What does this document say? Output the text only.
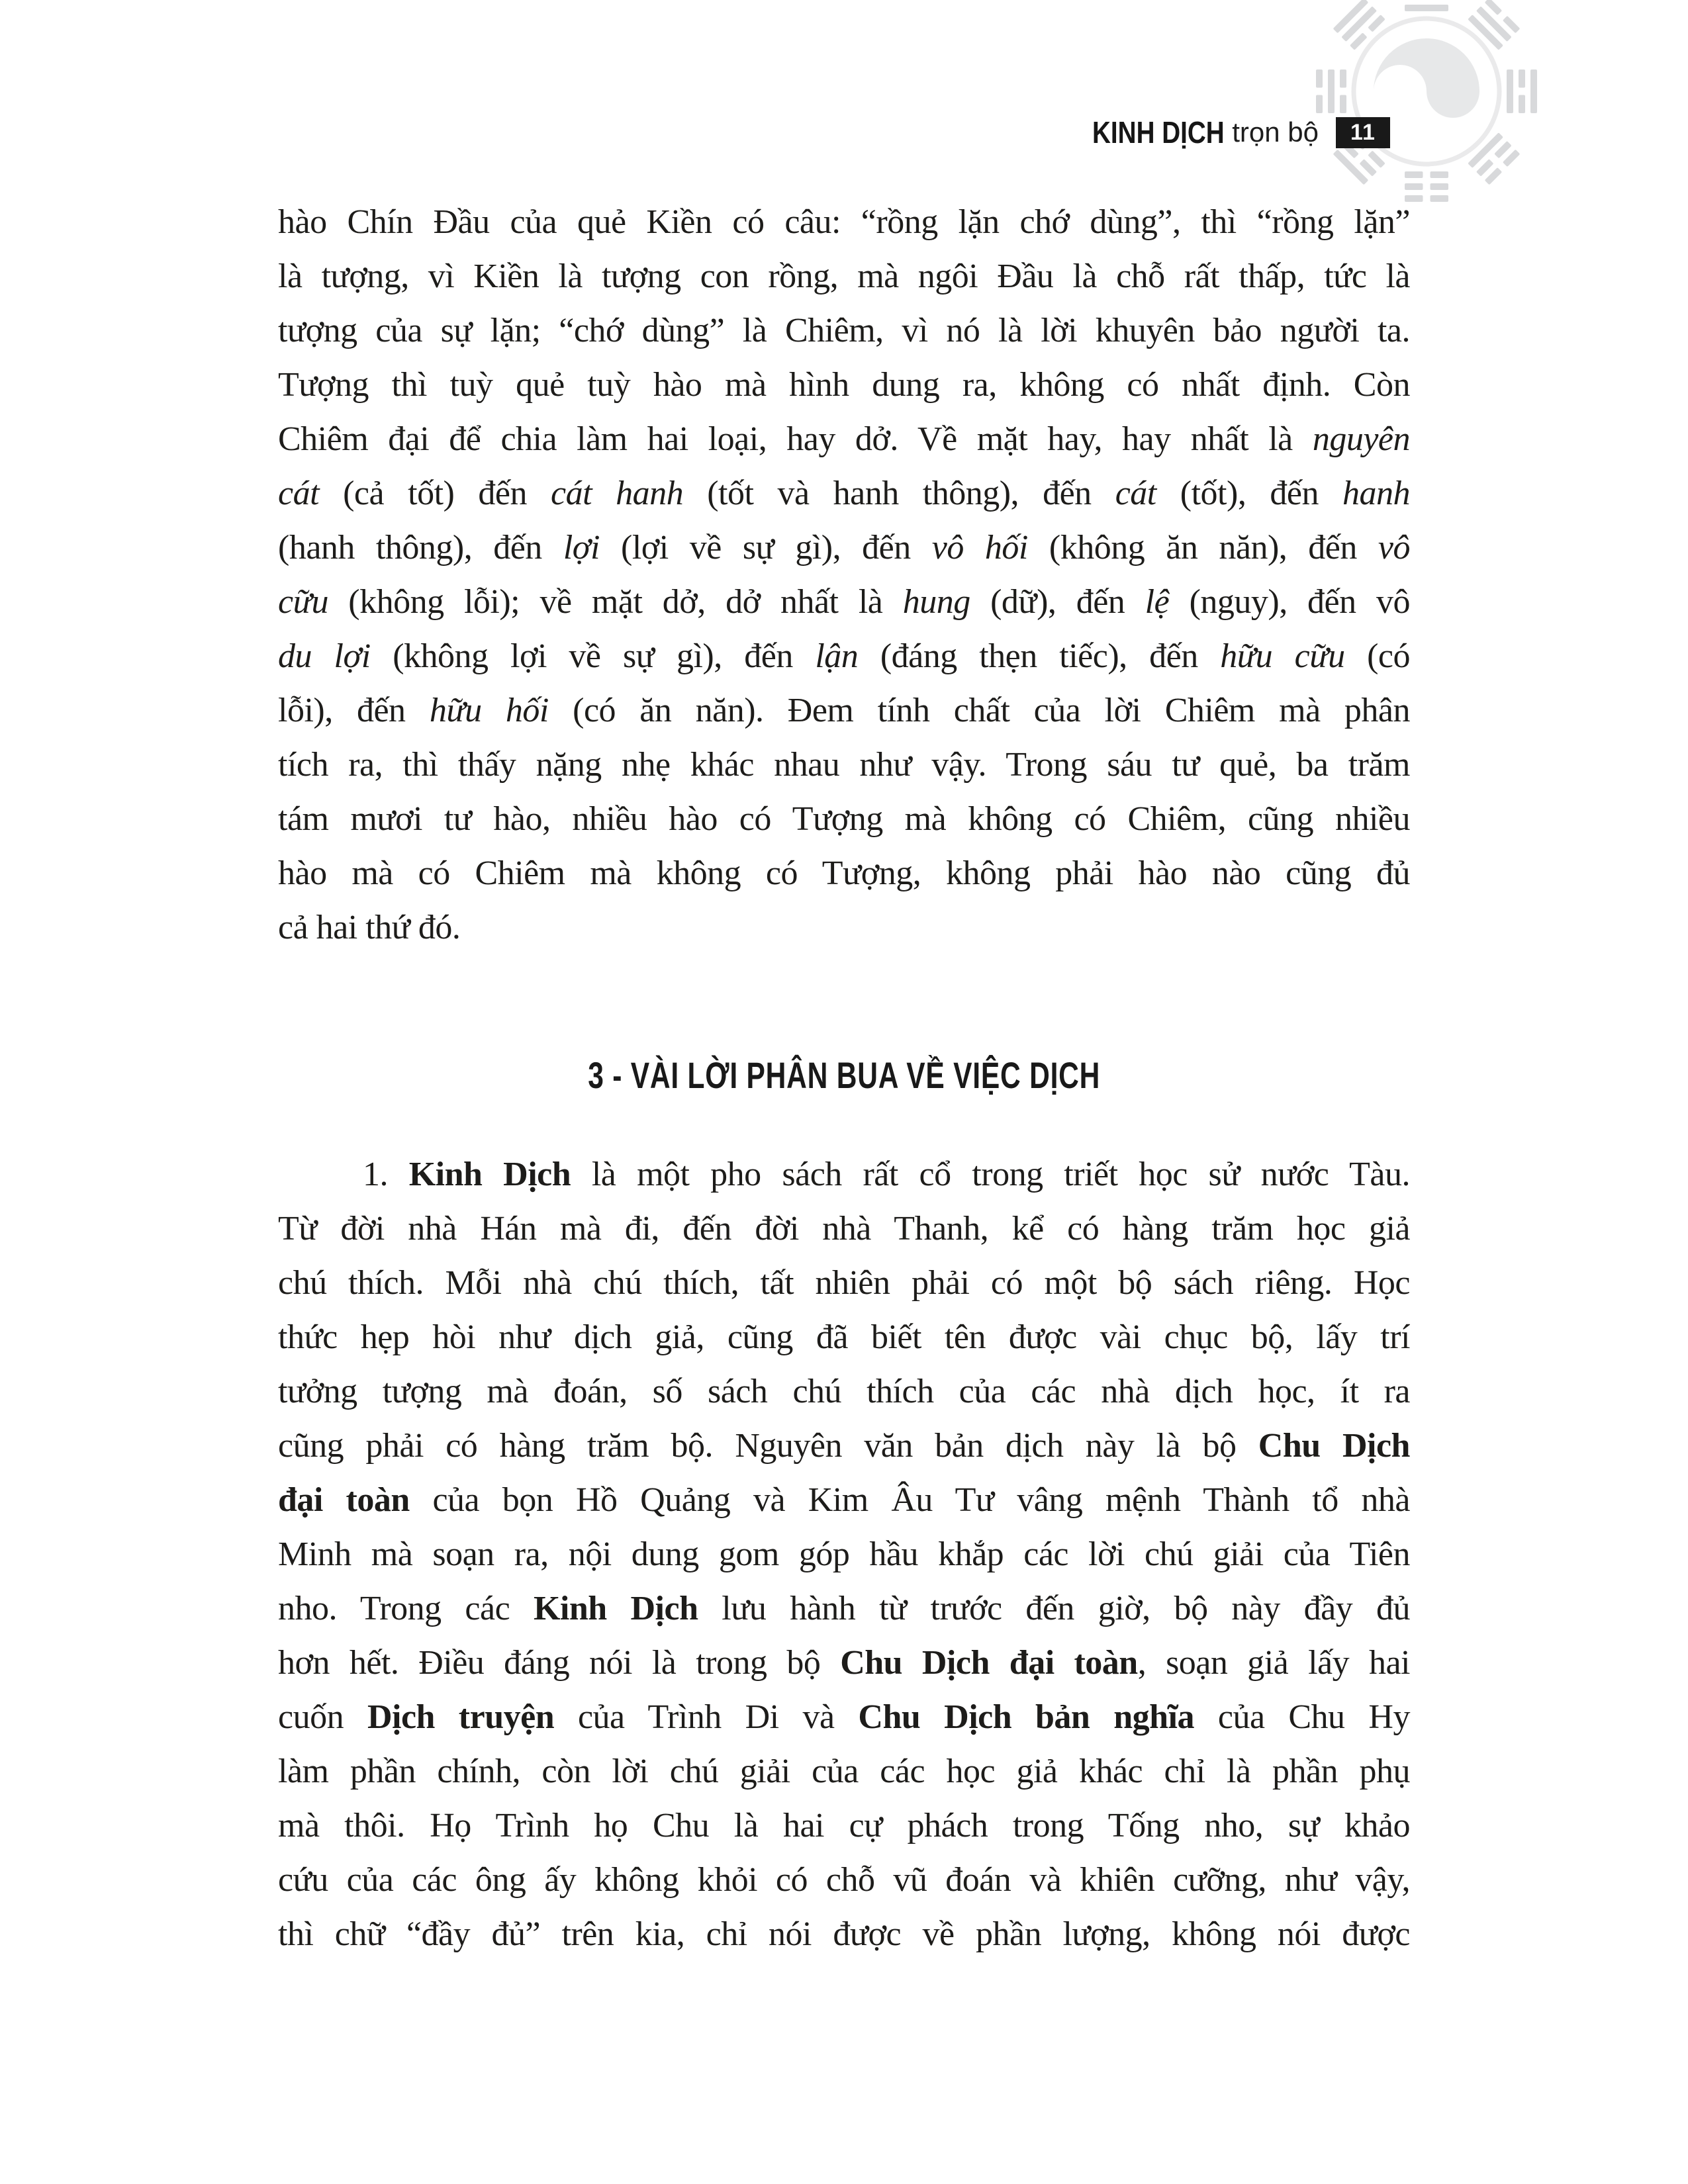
KINH DỊCH trọn bộ 11
hào Chín Đầu của quẻ Kiền có câu: “rồng lặn chớ dùng”, thì “rồng lặn”
là tượng, vì Kiền là tượng con rồng, mà ngôi Đầu là chỗ rất thấp, tức là
tượng của sự lặn; “chớ dùng” là Chiêm, vì nó là lời khuyên bảo người ta.
Tượng thì tuỳ quẻ tuỳ hào mà hình dung ra, không có nhất định. Còn
Chiêm đại để chia làm hai loại, hay dở. Về mặt hay, hay nhất là nguyên
cát (cả tốt) đến cát hanh (tốt và hanh thông), đến cát (tốt), đến hanh
(hanh thông), đến lợi (lợi về sự gì), đến vô hối (không ăn năn), đến vô
cữu (không lỗi); về mặt dở, dở nhất là hung (dữ), đến lệ (nguy), đến vô
du lợi (không lợi về sự gì), đến lận (đáng thẹn tiếc), đến hữu cữu (có
lỗi), đến hữu hối (có ăn năn). Đem tính chất của lời Chiêm mà phân
tích ra, thì thấy nặng nhẹ khác nhau như vậy. Trong sáu tư quẻ, ba trăm
tám mươi tư hào, nhiều hào có Tượng mà không có Chiêm, cũng nhiều
hào mà có Chiêm mà không có Tượng, không phải hào nào cũng đủ
cả hai thứ đó.
3 - VÀI LỜI PHÂN BUA VỀ VIỆC DỊCH
1. Kinh Dịch là một pho sách rất cổ trong triết học sử nước Tàu.
Từ đời nhà Hán mà đi, đến đời nhà Thanh, kể có hàng trăm học giả
chú thích. Mỗi nhà chú thích, tất nhiên phải có một bộ sách riêng. Học
thức hẹp hòi như dịch giả, cũng đã biết tên được vài chục bộ, lấy trí
tưởng tượng mà đoán, số sách chú thích của các nhà dịch học, ít ra
cũng phải có hàng trăm bộ. Nguyên văn bản dịch này là bộ Chu Dịch
đại toàn của bọn Hồ Quảng và Kim Âu Tư vâng mệnh Thành tổ nhà
Minh mà soạn ra, nội dung gom góp hầu khắp các lời chú giải của Tiên
nho. Trong các Kinh Dịch lưu hành từ trước đến giờ, bộ này đầy đủ
hơn hết. Điều đáng nói là trong bộ Chu Dịch đại toàn, soạn giả lấy hai
cuốn Dịch truyện của Trình Di và Chu Dịch bản nghĩa của Chu Hy
làm phần chính, còn lời chú giải của các học giả khác chỉ là phần phụ
mà thôi. Họ Trình họ Chu là hai cự phách trong Tống nho, sự khảo
cứu của các ông ấy không khỏi có chỗ vũ đoán và khiên cưỡng, như vậy,
thì chữ “đầy đủ” trên kia, chỉ nói được về phần lượng, không nói được
